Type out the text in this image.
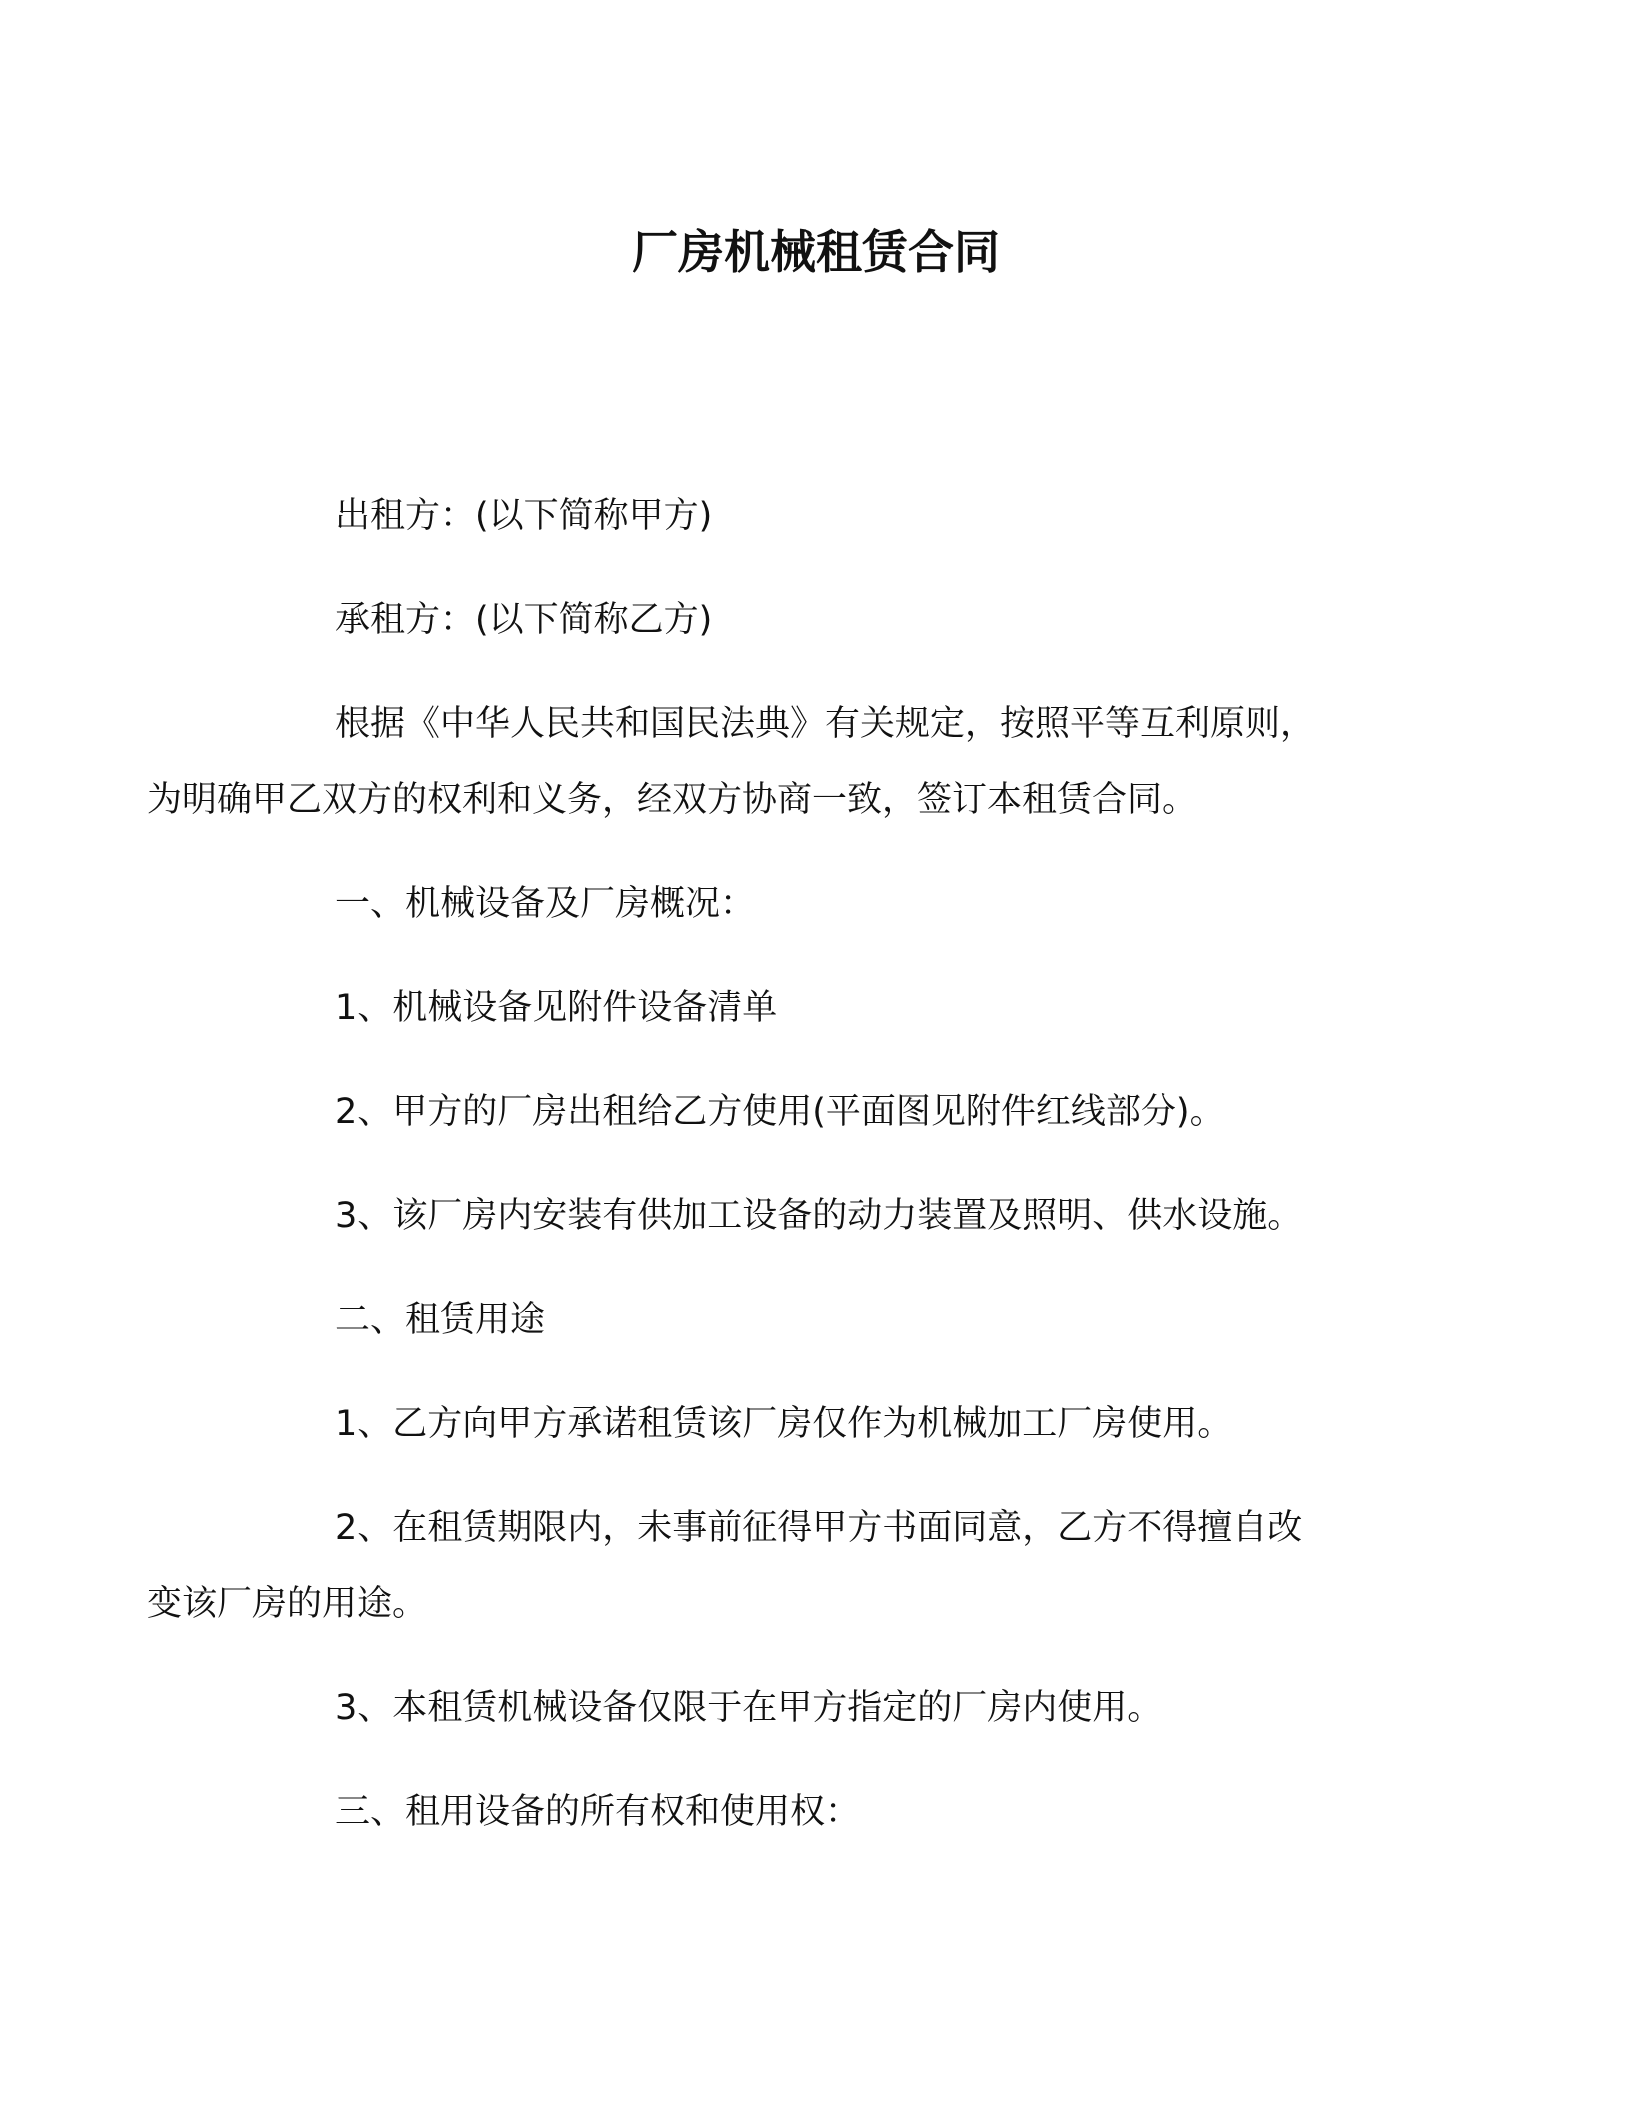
厂房机械租赁合同

出租方：(以下简称甲方)

承租方：(以下简称乙方)

根据《中华人民共和国民法典》有关规定，按照平等互利原则，
为明确甲乙双方的权利和义务，经双方协商一致，签订本租赁合同。

一、机械设备及厂房概况：

1、机械设备见附件设备清单

2、甲方的厂房出租给乙方使用(平面图见附件红线部分)。

3、该厂房内安装有供加工设备的动力装置及照明、供水设施。

二、租赁用途

1、乙方向甲方承诺租赁该厂房仅作为机械加工厂房使用。

2、在租赁期限内，未事前征得甲方书面同意，乙方不得擅自改
变该厂房的用途。

3、本租赁机械设备仅限于在甲方指定的厂房内使用。

三、租用设备的所有权和使用权：
